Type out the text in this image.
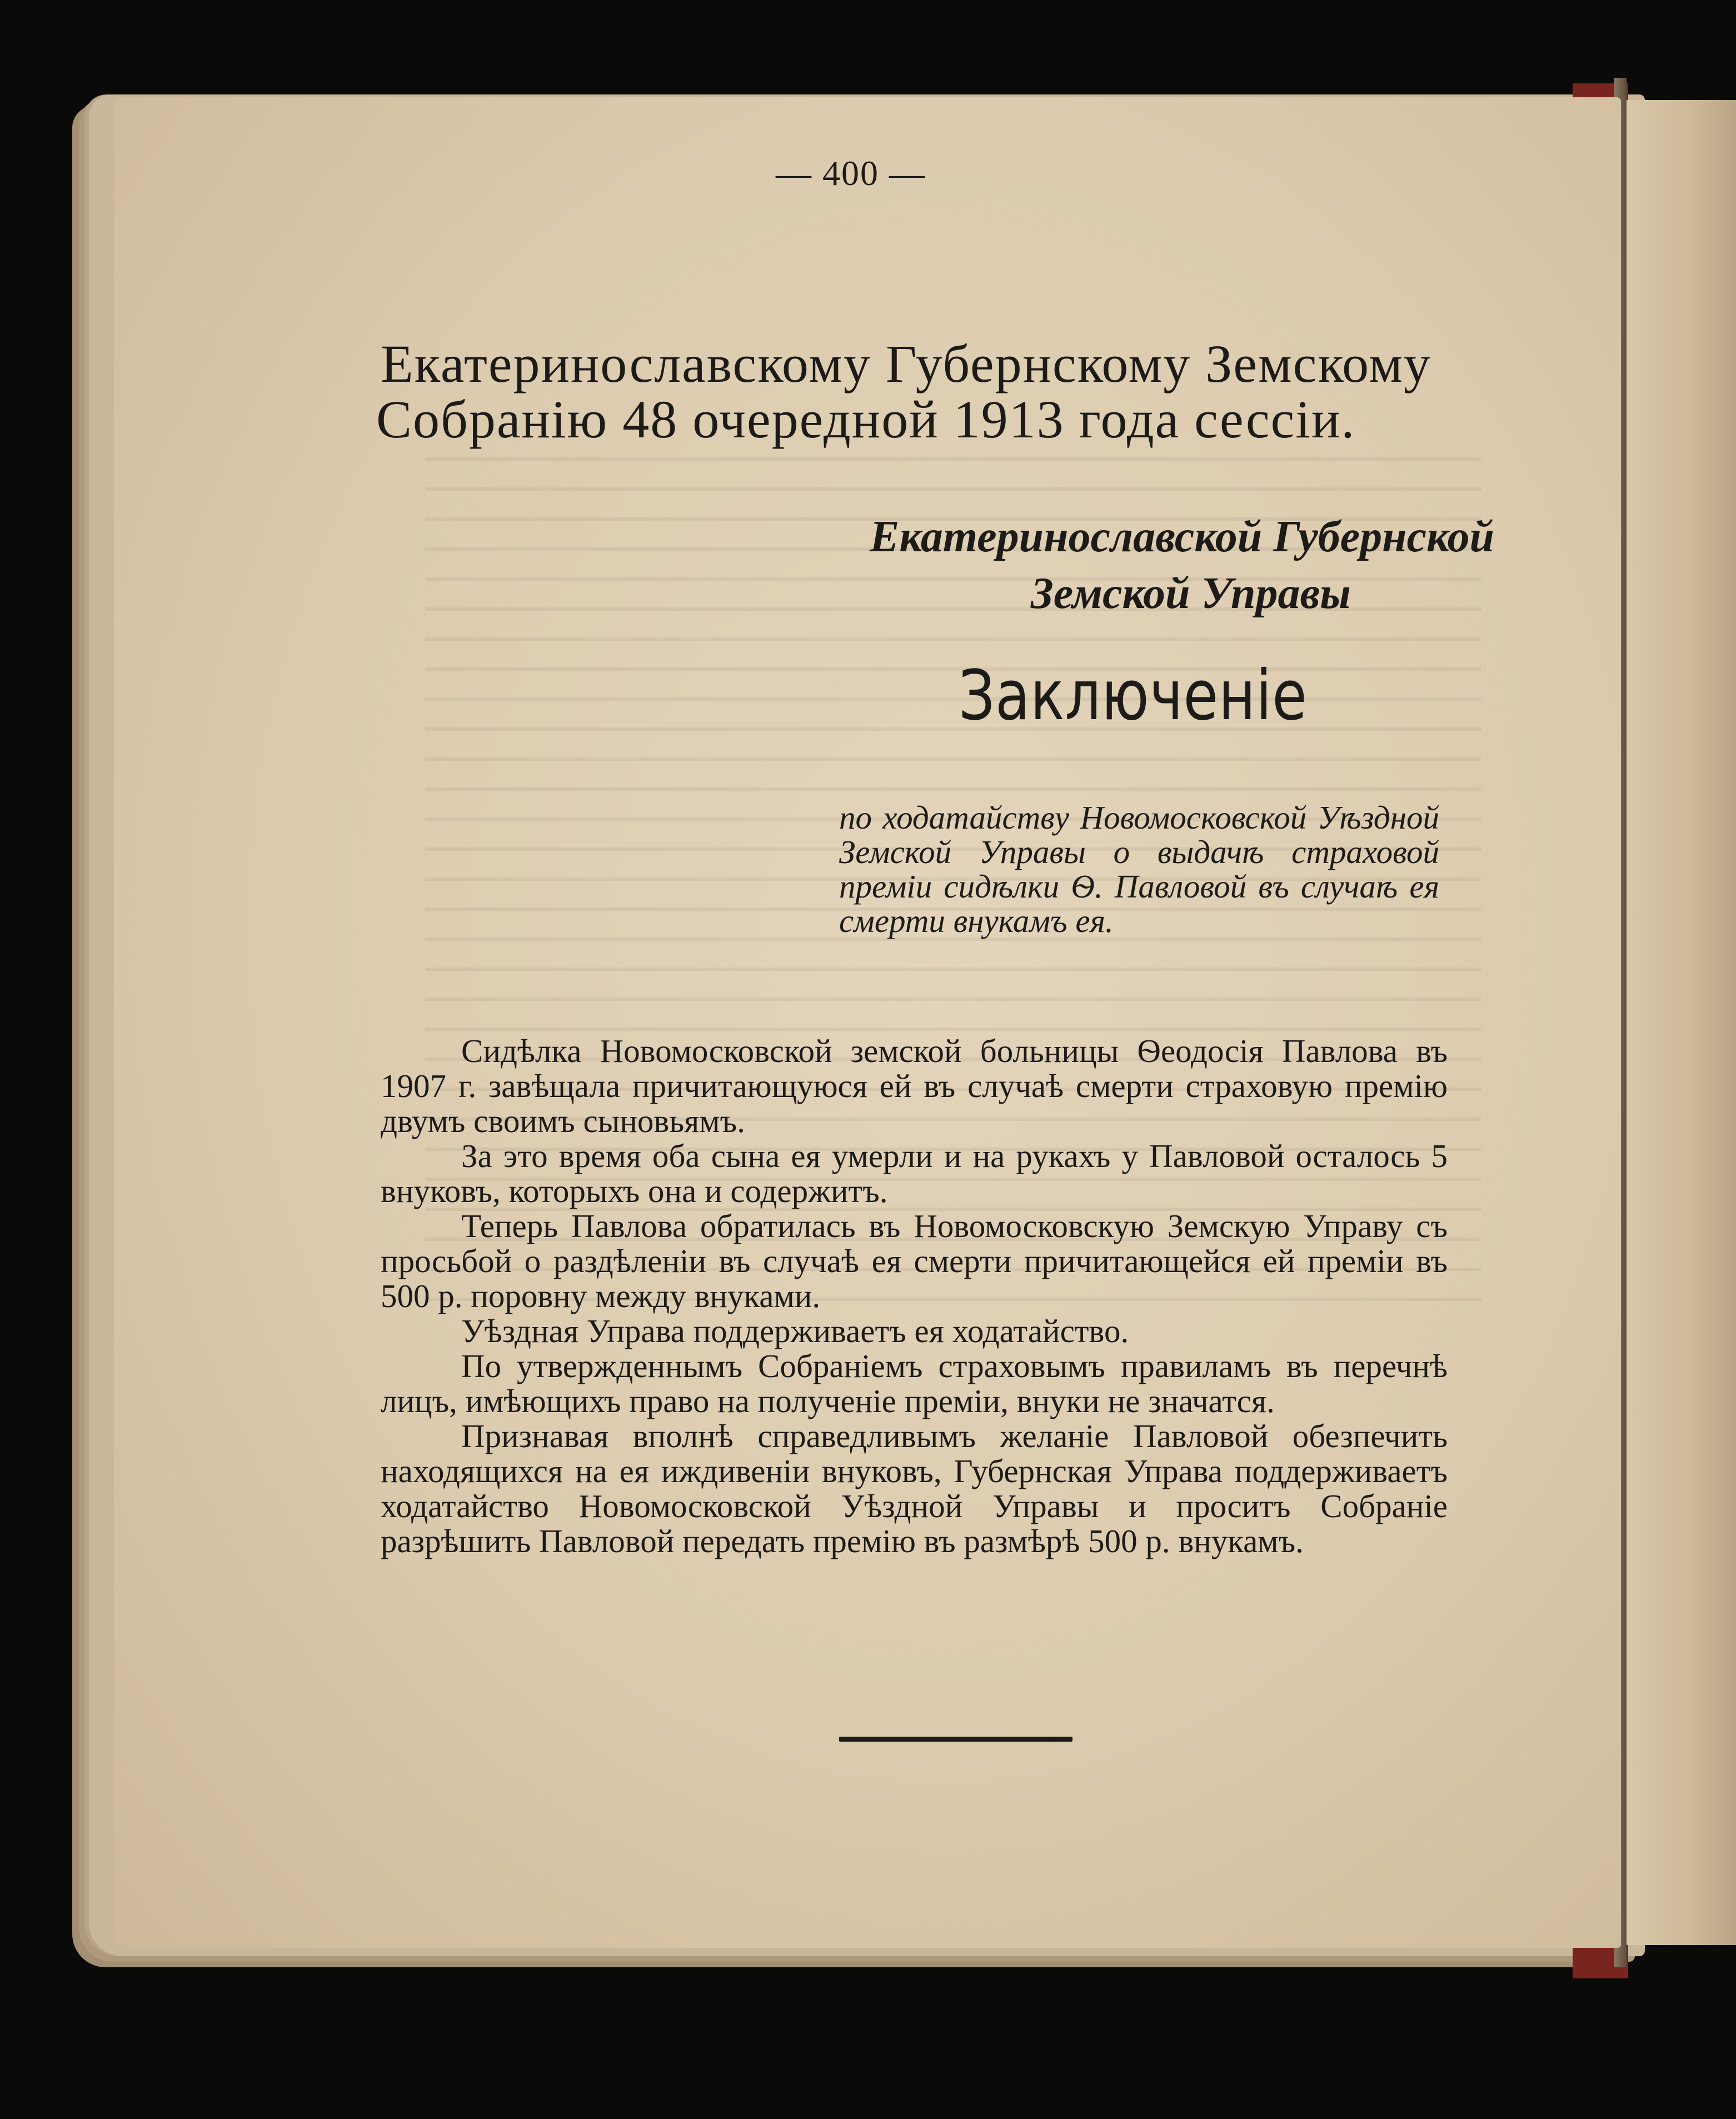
— 400 —
Екатеринославскому Губернскому Земскому
Собранію 48 очередной 1913 года сессіи.
Екатеринославской Губернской
Земской Управы
Заключеніе
по ходатайству Новомосковской Уѣздной Земской Управы о выдачѣ страховой преміи сидѣлки Ѳ. Павловой въ случаѣ ея смерти внукамъ ея.

Сидѣлка Новомосковской земской больницы Ѳеодосія Павлова въ 1907 г. завѣщала причитающуюся ей въ случаѣ смерти страховую премію двумъ своимъ сыновьямъ.

За это время оба сына ея умерли и на рукахъ у Павловой осталось 5 внуковъ, которыхъ она и содержитъ.

Теперь Павлова обратилась въ Новомосковскую Земскую Управу съ просьбой о раздѣленіи въ случаѣ ея смерти причитающейся ей преміи въ 500 р. поровну между внуками.

Уѣздная Управа поддерживаетъ ея ходатайство.

По утвержденнымъ Собраніемъ страховымъ правиламъ въ перечнѣ лицъ, имѣющихъ право на полученіе преміи, внуки не значатся.

Признавая вполнѣ справедливымъ желаніе Павловой обезпечить находящихся на ея иждивеніи внуковъ, Губернская Управа поддерживаетъ ходатайство Новомосковской Уѣздной Управы и проситъ Собраніе разрѣшить Павловой передать премію въ размѣрѣ 500 р. внукамъ.
